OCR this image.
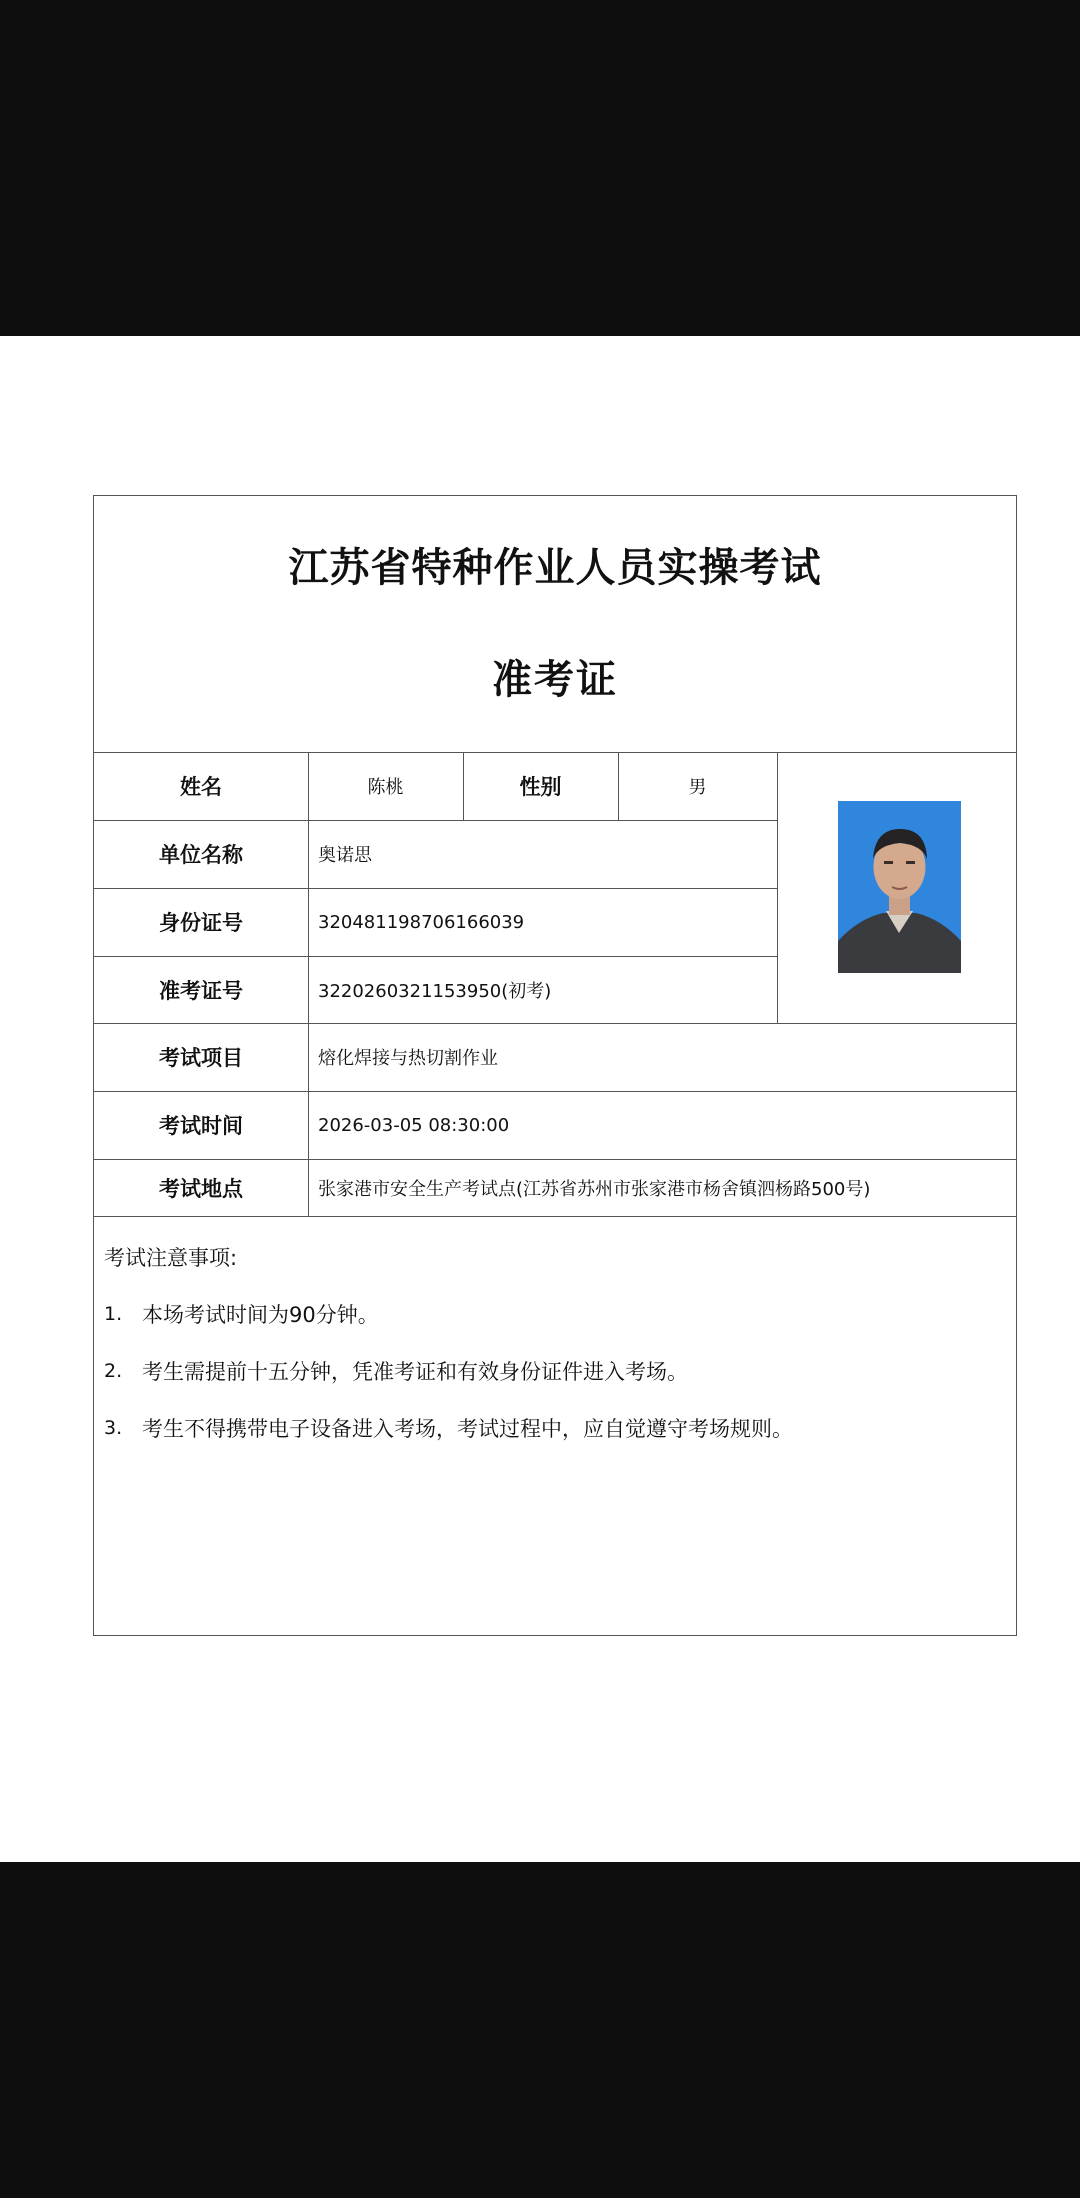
江苏省特种作业人员实操考试
准考证
姓名	陈桃	性别	男
单位名称	奥诺思
身份证号	320481198706166039
准考证号	3220260321153950(初考)
考试项目	熔化焊接与热切割作业
考试时间	2026-03-05 08:30:00
考试地点	张家港市安全生产考试点(江苏省苏州市张家港市杨舍镇泗杨路500号)
考试注意事项:
1. 本场考试时间为90分钟。
2. 考生需提前十五分钟，凭准考证和有效身份证件进入考场。
3. 考生不得携带电子设备进入考场，考试过程中，应自觉遵守考场规则。
